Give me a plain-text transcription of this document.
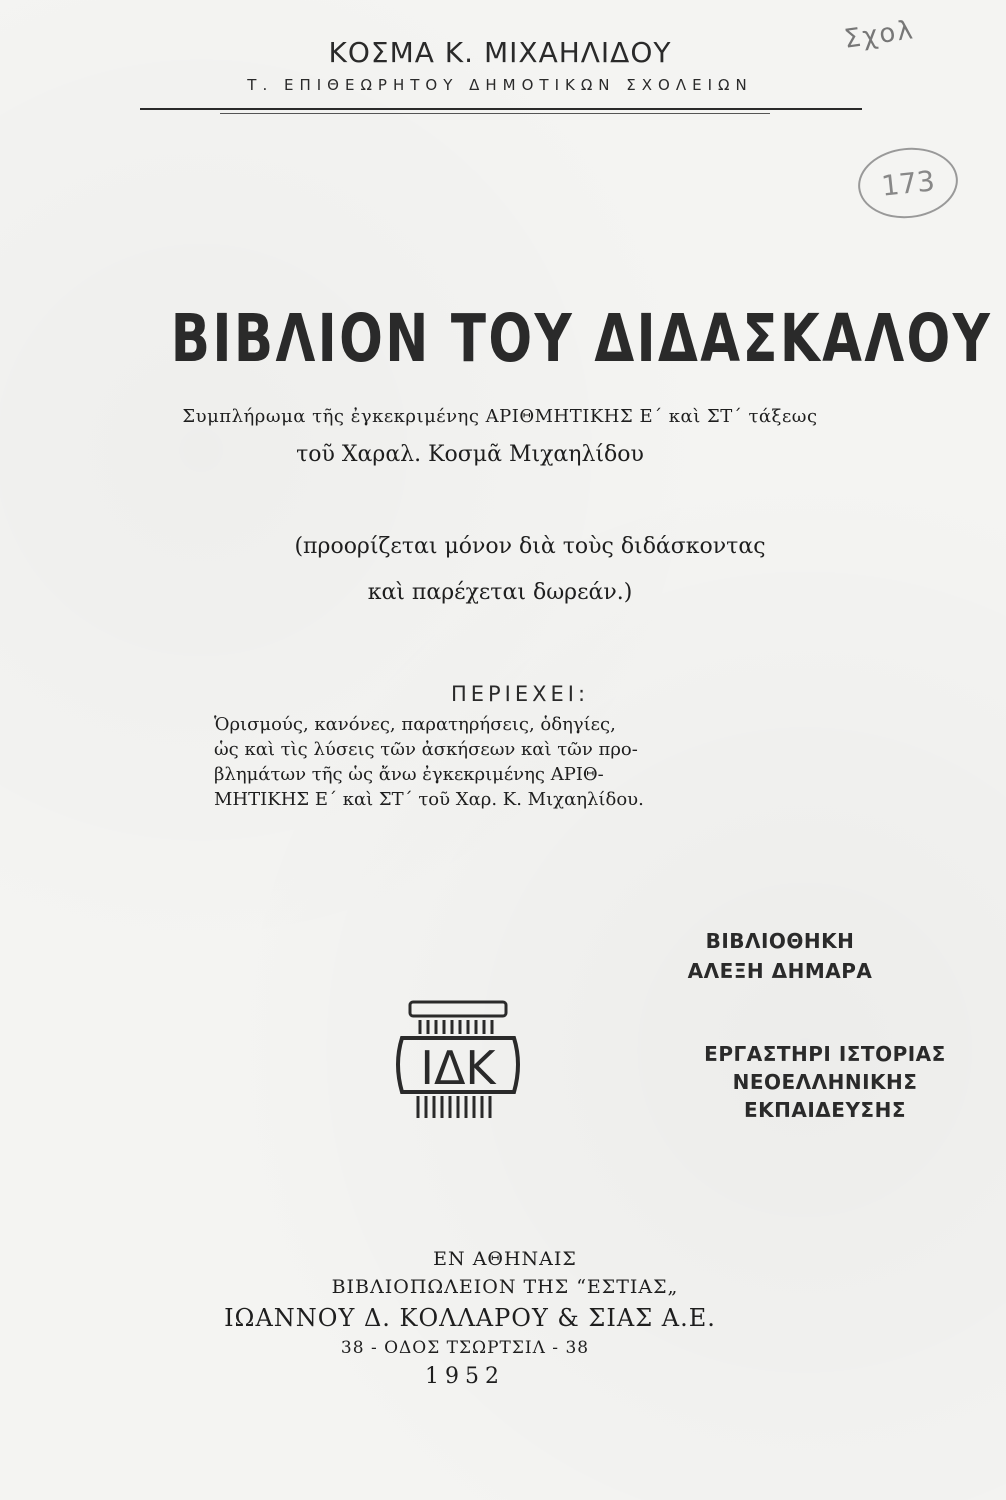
ΚΟΣΜΑ Κ. ΜΙΧΑΗΛΙΔΟΥ
Τ. ΕΠΙΘΕΩΡΗΤΟΥ ΔΗΜΟΤΙΚΩΝ ΣΧΟΛΕΙΩΝ
Σχολ
173
ΒΙΒΛΙΟΝ ΤΟΥ ΔΙΔΑΣΚΑΛΟΥ
Συμπλήρωμα τῆς ἐγκεκριμένης ΑΡΙΘΜΗΤΙΚΗΣ Ε΄ καὶ ΣΤ΄ τάξεως
τοῦ Χαραλ. Κοσμᾶ Μιχαηλίδου
(προορίζεται μόνον διὰ τοὺς διδάσκοντας
καὶ παρέχεται δωρεάν.)
ΠΕΡΙΕΧΕΙ:
Ὁρισμούς, κανόνες, παρατηρήσεις, ὁδηγίες,
ὡς καὶ τὶς λύσεις τῶν ἀσκήσεων καὶ τῶν προ-
βλημάτων τῆς ὡς ἄνω ἐγκεκριμένης ΑΡΙΘ-
ΜΗΤΙΚΗΣ Ε΄ καὶ ΣΤ΄ τοῦ Χαρ. Κ. Μιχαηλίδου.
ΒΙΒΛΙΟΘΗΚΗ
ΑΛΕΞΗ ΔΗΜΑΡΑ
ΙΔΚ	ΕΡΓΑΣΤΗΡΙ ΙΣΤΟΡΙΑΣ
ΝΕΟΕΛΛΗΝΙΚΗΣ
ΕΚΠΑΙΔΕΥΣΗΣ
ΕΝ ΑΘΗΝΑΙΣ
ΒΙΒΛΙΟΠΩΛΕΙΟΝ ΤΗΣ “ΕΣΤΙΑΣ„
ΙΩΑΝΝΟΥ Δ. ΚΟΛΛΑΡΟΥ & ΣΙΑΣ Α.Ε.
38 - ΟΔΟΣ ΤΣΩΡΤΣΙΛ - 38
1952
